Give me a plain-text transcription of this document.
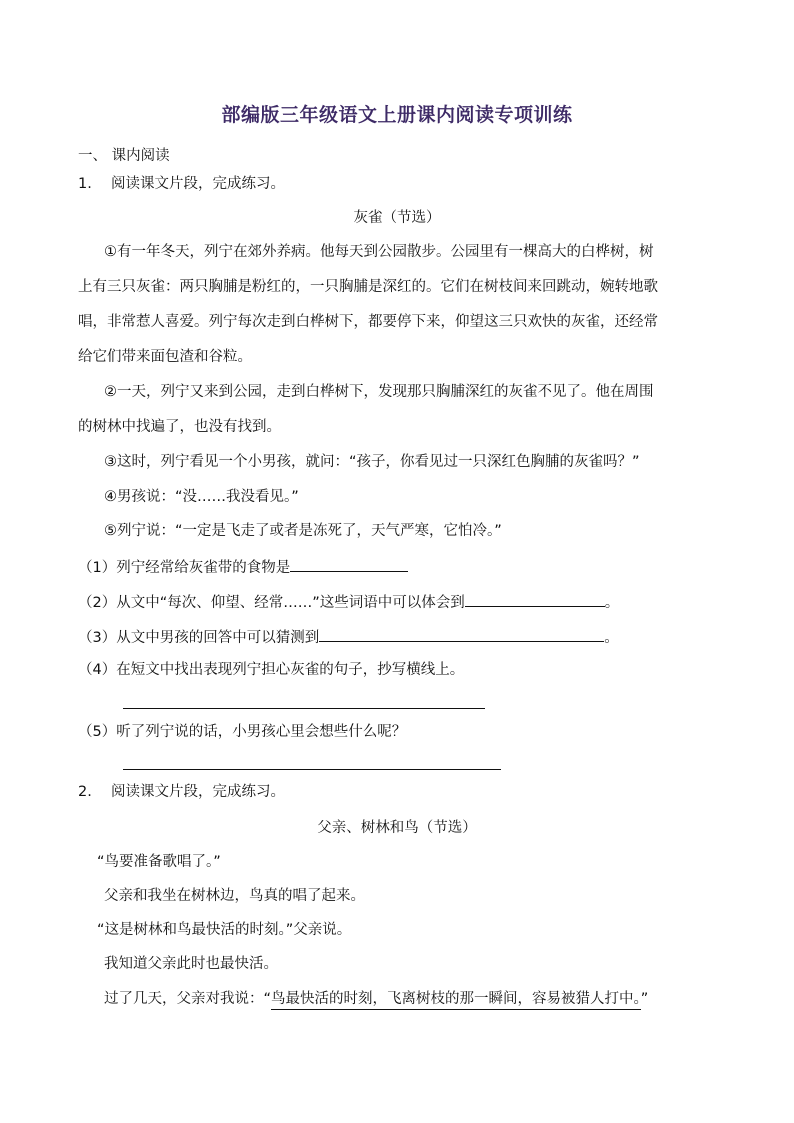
部编版三年级语文上册课内阅读专项训练
一、 课内阅读
1.　 阅读课文片段，完成练习。
灰雀（节选）
①有一年冬天，列宁在郊外养病。他每天到公园散步。公园里有一棵高大的白桦树，树
上有三只灰雀：两只胸脯是粉红的，一只胸脯是深红的。它们在树枝间来回跳动，婉转地歌
唱，非常惹人喜爱。列宁每次走到白桦树下，都要停下来，仰望这三只欢快的灰雀，还经常
给它们带来面包渣和谷粒。
②一天，列宁又来到公园，走到白桦树下，发现那只胸脯深红的灰雀不见了。他在周围
的树林中找遍了，也没有找到。
③这时，列宁看见一个小男孩，就问：“孩子，你看见过一只深红色胸脯的灰雀吗？”
④男孩说：“没……我没看见。”
⑤列宁说：“一定是飞走了或者是冻死了，天气严寒，它怕冷。”
（1）列宁经常给灰雀带的食物是
（2）从文中“每次、仰望、经常……”这些词语中可以体会到	。
（3）从文中男孩的回答中可以猜测到	。
（4）在短文中找出表现列宁担心灰雀的句子，抄写横线上。
（5）听了列宁说的话，小男孩心里会想些什么呢？
2.　 阅读课文片段，完成练习。
父亲、树林和鸟（节选）
“鸟要准备歌唱了。”
父亲和我坐在树林边，鸟真的唱了起来。
“这是树林和鸟最快活的时刻。”父亲说。
我知道父亲此时也最快活。
过了几天，父亲对我说：“鸟最快活的时刻，飞离树枝的那一瞬间，容易被猎人打中。”
